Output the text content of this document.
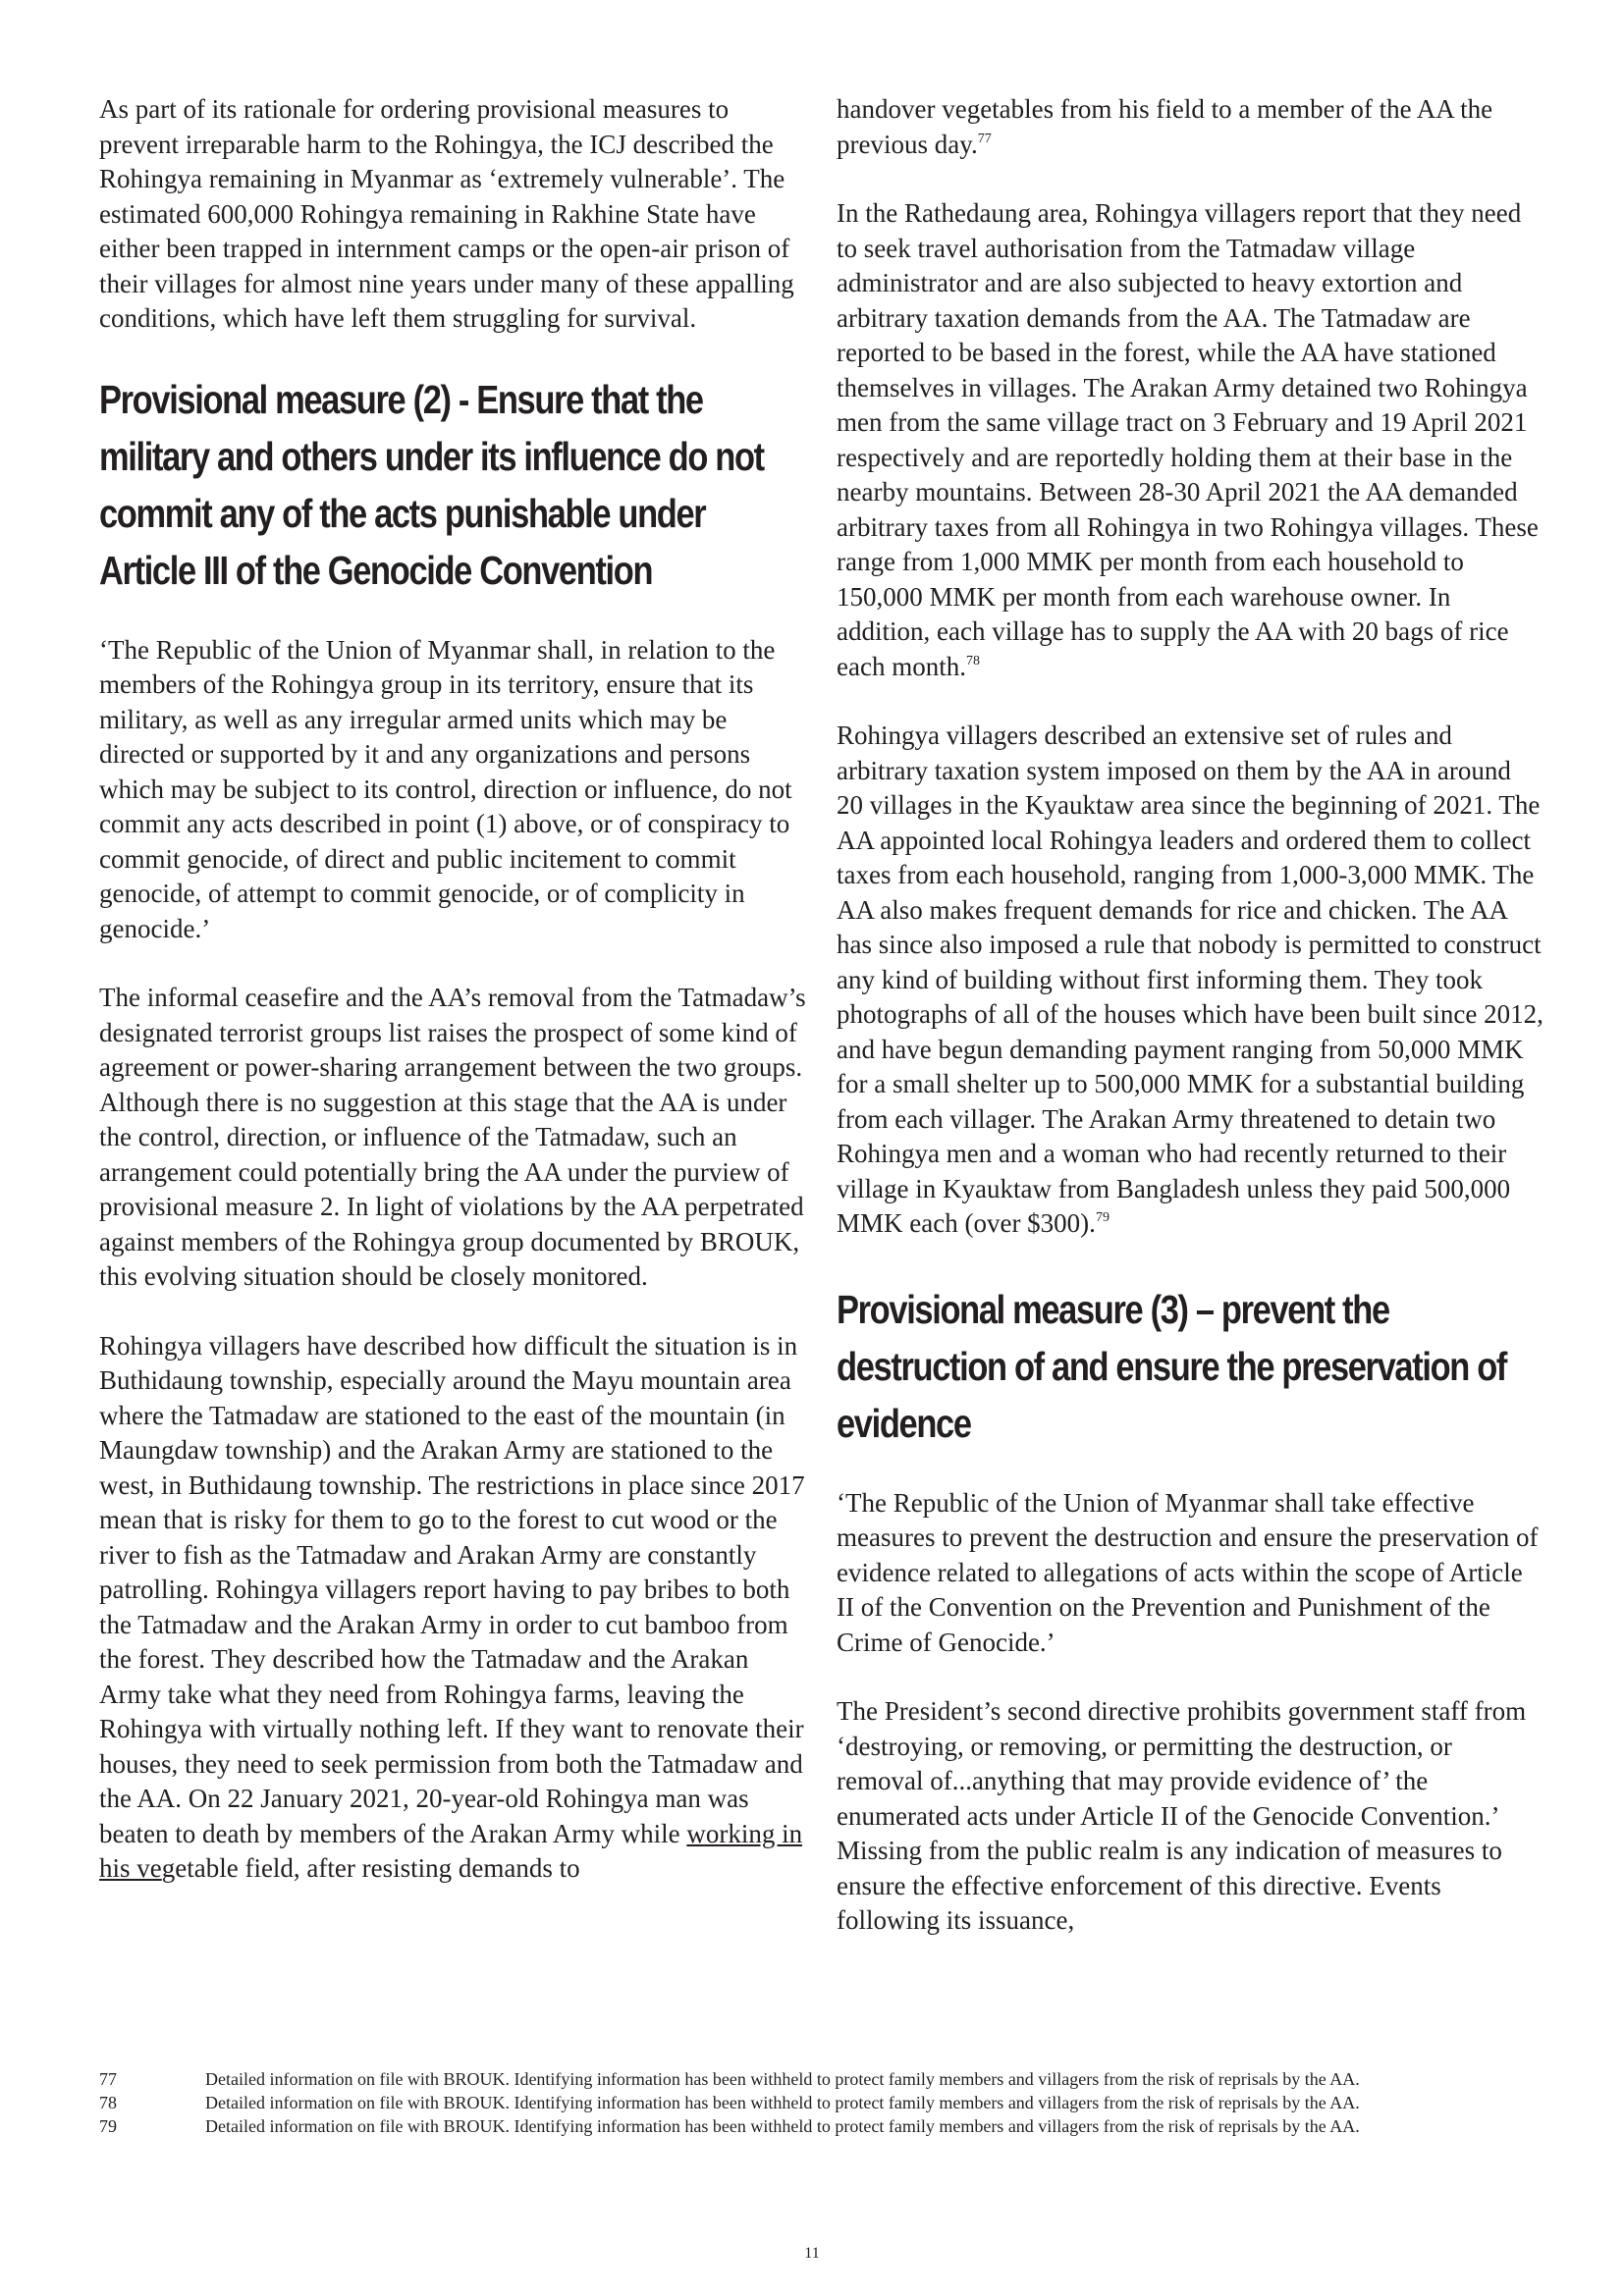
As part of its rationale for ordering provisional measures to prevent irreparable harm to the Rohingya, the ICJ described the Rohingya remaining in Myanmar as ‘extremely vulnerable’. The estimated 600,000 Rohingya remaining in Rakhine State have either been trapped in internment camps or the open-air prison of their villages for almost nine years under many of these appalling conditions, which have left them struggling for survival.

Provisional measure (2) - Ensure that the military and others under its influence do not commit any of the acts punishable under Article III of the Genocide Convention

‘The Republic of the Union of Myanmar shall, in relation to the members of the Rohingya group in its territory, ensure that its military, as well as any irregular armed units which may be directed or supported by it and any organizations and persons which may be subject to its control, direction or influence, do not commit any acts described in point (1) above, or of conspiracy to commit genocide, of direct and public incitement to commit genocide, of attempt to commit genocide, or of complicity in genocide.’

The informal ceasefire and the AA’s removal from the Tatmadaw’s designated terrorist groups list raises the prospect of some kind of agreement or power-sharing arrangement between the two groups. Although there is no suggestion at this stage that the AA is under the control, direction, or influence of the Tatmadaw, such an arrangement could potentially bring the AA under the purview of provisional measure 2. In light of violations by the AA perpetrated against members of the Rohingya group documented by BROUK, this evolving situation should be closely monitored.

Rohingya villagers have described how difficult the situation is in Buthidaung township, especially around the Mayu mountain area where the Tatmadaw are stationed to the east of the mountain (in Maungdaw township) and the Arakan Army are stationed to the west, in Buthidaung township. The restrictions in place since 2017 mean that is risky for them to go to the forest to cut wood or the river to fish as the Tatmadaw and Arakan Army are constantly patrolling. Rohingya villagers report having to pay bribes to both the Tatmadaw and the Arakan Army in order to cut bamboo from the forest. They described how the Tatmadaw and the Arakan Army take what they need from Rohingya farms, leaving the Rohingya with virtually nothing left. If they want to renovate their houses, they need to seek permission from both the Tatmadaw and the AA. On 22 January 2021, 20-year-old Rohingya man was beaten to death by members of the Arakan Army while working in his vegetable field, after resisting demands to

handover vegetables from his field to a member of the AA the previous day.$^{77}$

In the Rathedaung area, Rohingya villagers report that they need to seek travel authorisation from the Tatmadaw village administrator and are also subjected to heavy extortion and arbitrary taxation demands from the AA. The Tatmadaw are reported to be based in the forest, while the AA have stationed themselves in villages. The Arakan Army detained two Rohingya men from the same village tract on 3 February and 19 April 2021 respectively and are reportedly holding them at their base in the nearby mountains. Between 28-30 April 2021 the AA demanded arbitrary taxes from all Rohingya in two Rohingya villages. These range from 1,000 MMK per month from each household to 150,000 MMK per month from each warehouse owner. In addition, each village has to supply the AA with 20 bags of rice each month.$^{78}$

Rohingya villagers described an extensive set of rules and arbitrary taxation system imposed on them by the AA in around 20 villages in the Kyauktaw area since the beginning of 2021. The AA appointed local Rohingya leaders and ordered them to collect taxes from each household, ranging from 1,000-3,000 MMK. The AA also makes frequent demands for rice and chicken. The AA has since also imposed a rule that nobody is permitted to construct any kind of building without first informing them. They took photographs of all of the houses which have been built since 2012, and have begun demanding payment ranging from 50,000 MMK for a small shelter up to 500,000 MMK for a substantial building from each villager. The Arakan Army threatened to detain two Rohingya men and a woman who had recently returned to their village in Kyauktaw from Bangladesh unless they paid 500,000 MMK each (over $300).$^{79}$

Provisional measure (3) – prevent the destruction of and ensure the preservation of evidence

‘The Republic of the Union of Myanmar shall take effective measures to prevent the destruction and ensure the preservation of evidence related to allegations of acts within the scope of Article II of the Convention on the Prevention and Punishment of the Crime of Genocide.’

The President’s second directive prohibits government staff from ‘destroying, or removing, or permitting the destruction, or removal of...anything that may provide evidence of’ the enumerated acts under Article II of the Genocide Convention.’ Missing from the public realm is any indication of measures to ensure the effective enforcement of this directive. Events following its issuance,

77	Detailed information on file with BROUK. Identifying information has been withheld to protect family members and villagers from the risk of reprisals by the AA.

78	Detailed information on file with BROUK. Identifying information has been withheld to protect family members and villagers from the risk of reprisals by the AA.

79	Detailed information on file with BROUK. Identifying information has been withheld to protect family members and villagers from the risk of reprisals by the AA.

11
